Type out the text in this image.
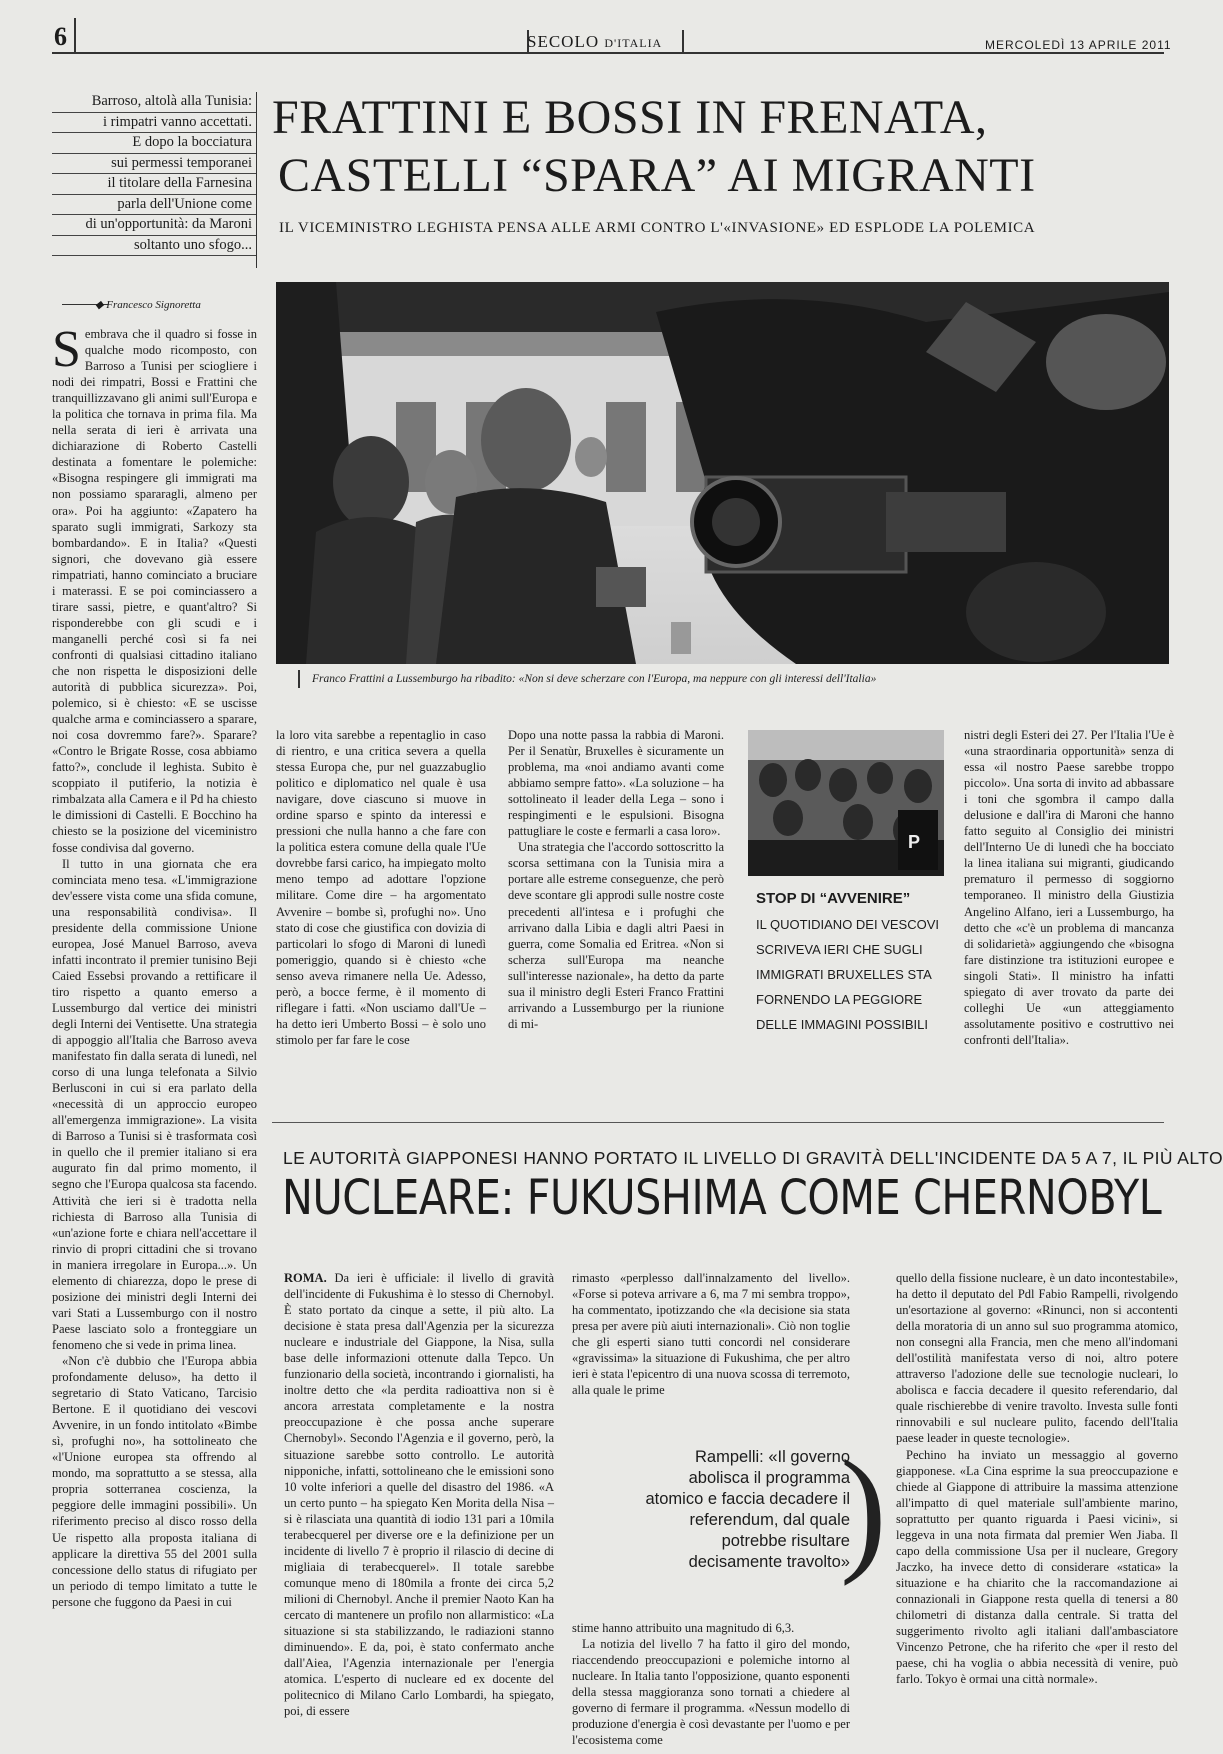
6	SECOLO D'ITALIA	MERCOLEDÌ 13 APRILE 2011
Barroso, altolà alla Tunisia:
i rimpatri vanno accettati.
E dopo la bocciatura
sui permessi temporanei
il titolare della Farnesina
parla dell'Unione come
di un'opportunità: da Maroni
soltanto uno sfogo...
FRATTINI E BOSSI IN FRENATA,
CASTELLI “SPARA” AI MIGRANTI
IL VICEMINISTRO LEGHISTA PENSA ALLE ARMI CONTRO L'«INVASIONE» ED ESPLODE LA POLEMICA
◆ Francesco Signoretta
Franco Frattini a Lussemburgo ha ribadito: «Non si deve scherzare con l'Europa, ma neppure con gli interessi dell'Italia»

Sembrava che il quadro si fosse in qualche modo ricomposto, con Barroso a Tunisi per sciogliere i nodi dei rimpatri, Bossi e Frattini che tranquillizzavano gli animi sull'Europa e la politica che tornava in prima fila. Ma nella serata di ieri è arrivata una dichiarazione di Roberto Castelli destinata a fomentare le polemiche: «Bisogna respingere gli immigrati ma non possiamo spararagli, almeno per ora». Poi ha aggiunto: «Zapatero ha sparato sugli immigrati, Sarkozy sta bombardando». E in Italia? «Questi signori, che dovevano già essere rimpatriati, hanno cominciato a bruciare i materassi. E se poi cominciassero a tirare sassi, pietre, e quant'altro? Si risponderebbe con gli scudi e i manganelli perché così si fa nei confronti di qualsiasi cittadino italiano che non rispetta le disposizioni delle autorità di pubblica sicurezza». Poi, polemico, si è chiesto: «E se uscisse qualche arma e cominciassero a sparare, noi cosa dovremmo fare?». Sparare? «Contro le Brigate Rosse, cosa abbiamo fatto?», conclude il leghista. Subito è scoppiato il putiferio, la notizia è rimbalzata alla Camera e il Pd ha chiesto le dimissioni di Castelli. E Bocchino ha chiesto se la posizione del viceministro fosse condivisa dal governo.

Il tutto in una giornata che era cominciata meno tesa. «L'immigrazione dev'essere vista come una sfida comune, una responsabilità condivisa». Il presidente della commissione Unione europea, José Manuel Barroso, aveva infatti incontrato il premier tunisino Beji Caied Essebsi provando a rettificare il tiro rispetto a quanto emerso a Lussemburgo dal vertice dei ministri degli Interni dei Ventisette. Una strategia di appoggio all'Italia che Barroso aveva manifestato fin dalla serata di lunedì, nel corso di una lunga telefonata a Silvio Berlusconi in cui si era parlato della «necessità di un approccio europeo all'emergenza immigrazione». La visita di Barroso a Tunisi si è trasformata così in quello che il premier italiano si era augurato fin dal primo momento, il segno che l'Europa qualcosa sta facendo. Attività che ieri si è tradotta nella richiesta di Barroso alla Tunisia di «un'azione forte e chiara nell'accettare il rinvio di propri cittadini che si trovano in maniera irregolare in Europa...». Un elemento di chiarezza, dopo le prese di posizione dei ministri degli Interni dei vari Stati a Lussemburgo con il nostro Paese lasciato solo a fronteggiare un fenomeno che si vede in prima linea.

«Non c'è dubbio che l'Europa abbia profondamente deluso», ha detto il segretario di Stato Vaticano, Tarcisio Bertone. E il quotidiano dei vescovi Avvenire, in un fondo intitolato «Bimbe sì, profughi no», ha sottolineato che «l'Unione europea sta offrendo al mondo, ma soprattutto a se stessa, alla propria sotterranea coscienza, la peggiore delle immagini possibili». Un riferimento preciso al disco rosso della Ue rispetto alla proposta italiana di applicare la direttiva 55 del 2001 sulla concessione dello status di rifugiato per un periodo di tempo limitato a tutte le persone che fuggono da Paesi in cui

la loro vita sarebbe a repentaglio in caso di rientro, e una critica severa a quella stessa Europa che, pur nel guazzabuglio politico e diplomatico nel quale è usa navigare, dove ciascuno si muove in ordine sparso e spinto da interessi e pressioni che nulla hanno a che fare con la politica estera comune della quale l'Ue dovrebbe farsi carico, ha impiegato molto meno tempo ad adottare l'opzione militare. Come dire – ha argomentato Avvenire – bombe sì, profughi no». Uno stato di cose che giustifica con dovizia di particolari lo sfogo di Maroni di lunedì pomeriggio, quando si è chiesto «che senso aveva rimanere nella Ue. Adesso, però, a bocce ferme, è il momento di riflegare i fatti. «Non usciamo dall'Ue – ha detto ieri Umberto Bossi – è solo uno stimolo per far fare le cose

Dopo una notte passa la rabbia di Maroni. Per il Senatùr, Bruxelles è sicuramente un problema, ma «noi andiamo avanti come abbiamo sempre fatto». «La soluzione – ha sottolineato il leader della Lega – sono i respingimenti e le espulsioni. Bisogna pattugliare le coste e fermarli a casa loro».

Una strategia che l'accordo sottoscritto la scorsa settimana con la Tunisia mira a portare alle estreme conseguenze, che però deve scontare gli approdi sulle nostre coste precedenti all'intesa e i profughi che arrivano dalla Libia e dagli altri Paesi in guerra, come Somalia ed Eritrea. «Non si scherza sull'Europa ma neanche sull'interesse nazionale», ha detto da parte sua il ministro degli Esteri Franco Frattini arrivando a Lussemburgo per la riunione di mi-

P
STOP DI “AVVENIRE”
IL QUOTIDIANO DEI VESCOVI SCRIVEVA IERI CHE SUGLI IMMIGRATI BRUXELLES STA FORNENDO LA PEGGIORE DELLE IMMAGINI POSSIBILI

nistri degli Esteri dei 27. Per l'Italia l'Ue è «una straordinaria opportunità» senza di essa «il nostro Paese sarebbe troppo piccolo». Una sorta di invito ad abbassare i toni che sgombra il campo dalla delusione e dall'ira di Maroni che hanno fatto seguito al Consiglio dei ministri dell'Interno Ue di lunedì che ha bocciato la linea italiana sui migranti, giudicando prematuro il permesso di soggiorno temporaneo. Il ministro della Giustizia Angelino Alfano, ieri a Lussemburgo, ha detto che «c'è un problema di mancanza di solidarietà» aggiungendo che «bisogna fare distinzione tra istituzioni europee e singoli Stati». Il ministro ha infatti spiegato di aver trovato da parte dei colleghi Ue «un atteggiamento assolutamente positivo e costruttivo nei confronti dell'Italia».

LE AUTORITÀ GIAPPONESI HANNO PORTATO IL LIVELLO DI GRAVITÀ DELL'INCIDENTE DA 5 A 7, IL PIÙ ALTO
NUCLEARE: FUKUSHIMA COME CHERNOBYL

ROMA. Da ieri è ufficiale: il livello di gravità dell'incidente di Fukushima è lo stesso di Chernobyl. È stato portato da cinque a sette, il più alto. La decisione è stata presa dall'Agenzia per la sicurezza nucleare e industriale del Giappone, la Nisa, sulla base delle informazioni ottenute dalla Tepco. Un funzionario della società, incontrando i giornalisti, ha inoltre detto che «la perdita radioattiva non si è ancora arrestata completamente e la nostra preoccupazione è che possa anche superare Chernobyl». Secondo l'Agenzia e il governo, però, la situazione sarebbe sotto controllo. Le autorità nipponiche, infatti, sottolineano che le emissioni sono 10 volte inferiori a quelle del disastro del 1986. «A un certo punto – ha spiegato Ken Morita della Nisa – si è rilasciata una quantità di iodio 131 pari a 10mila terabecquerel per diverse ore e la definizione per un incidente di livello 7 è proprio il rilascio di decine di migliaia di terabecquerel». Il totale sarebbe comunque meno di 180mila a fronte dei circa 5,2 milioni di Chernobyl. Anche il premier Naoto Kan ha cercato di mantenere un profilo non allarmistico: «La situazione si sta stabilizzando, le radiazioni stanno diminuendo». E da, poi, è stato confermato anche dall'Aiea, l'Agenzia internazionale per l'energia atomica. L'esperto di nucleare ed ex docente del politecnico di Milano Carlo Lombardi, ha spiegato, poi, di essere

rimasto «perplesso dall'innalzamento del livello». «Forse si poteva arrivare a 6, ma 7 mi sembra troppo», ha commentato, ipotizzando che «la decisione sia stata presa per avere più aiuti internazionali». Ciò non toglie che gli esperti siano tutti concordi nel considerare «gravissima» la situazione di Fukushima, che per altro ieri è stata l'epicentro di una nuova scossa di terremoto, alla quale le prime

)
Rampelli: «Il governo abolisca il programma atomico e faccia decadere il referendum, dal quale potrebbe risultare decisamente travolto»

stime hanno attribuito una magnitudo di 6,3.

La notizia del livello 7 ha fatto il giro del mondo, riaccendendo preoccupazioni e polemiche intorno al nucleare. In Italia tanto l'opposizione, quanto esponenti della stessa maggioranza sono tornati a chiedere al governo di fermare il programma. «Nessun modello di produzione d'energia è così devastante per l'uomo e per l'ecosistema come

quello della fissione nucleare, è un dato incontestabile», ha detto il deputato del Pdl Fabio Rampelli, rivolgendo un'esortazione al governo: «Rinunci, non si accontenti della moratoria di un anno sul suo programma atomico, non consegni alla Francia, men che meno all'indomani dell'ostilità manifestata verso di noi, altro potere attraverso l'adozione delle sue tecnologie nucleari, lo abolisca e faccia decadere il quesito referendario, dal quale rischierebbe di venire travolto. Investa sulle fonti rinnovabili e sul nucleare pulito, facendo dell'Italia paese leader in queste tecnologie».

Pechino ha inviato un messaggio al governo giapponese. «La Cina esprime la sua preoccupazione e chiede al Giappone di attribuire la massima attenzione all'impatto di quel materiale sull'ambiente marino, soprattutto per quanto riguarda i Paesi vicini», si leggeva in una nota firmata dal premier Wen Jiaba. Il capo della commissione Usa per il nucleare, Gregory Jaczko, ha invece detto di considerare «statica» la situazione e ha chiarito che la raccomandazione ai connazionali in Giappone resta quella di tenersi a 80 chilometri di distanza dalla centrale. Si tratta del suggerimento rivolto agli italiani dall'ambasciatore Vincenzo Petrone, che ha riferito che «per il resto del paese, chi ha voglia o abbia necessità di venire, può farlo. Tokyo è ormai una città normale».
